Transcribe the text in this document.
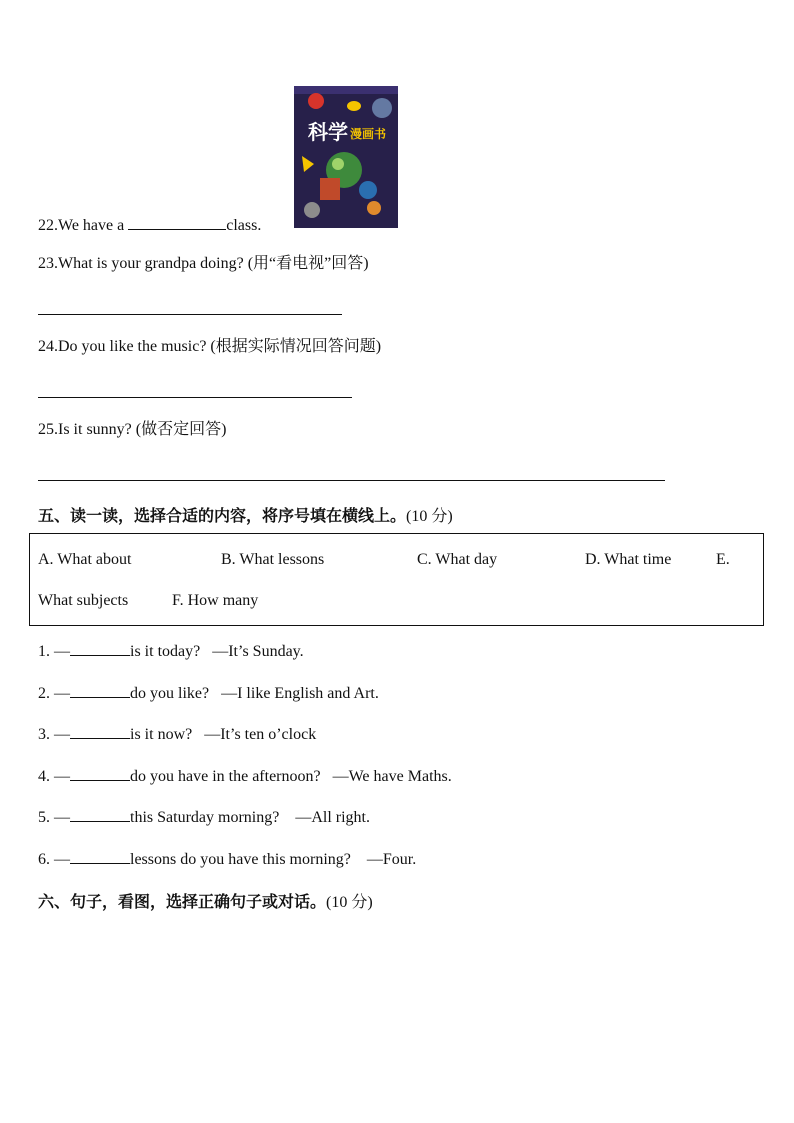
科学 漫画书
22.We have a	class.
23.What is your grandpa doing? (用“看电视”回答)
24.Do you like the music? (根据实际情况回答问题)
25.Is it sunny? (做否定回答)
五、读一读，选择合适的内容，将序号填在横线上。(10 分)
A. What about	B. What lessons	C. What day	D. What time	E.
What subjects	F. How many
1. —	is it today? —It’s Sunday.
2. —	do you like? —I like English and Art.
3. —	is it now? —It’s ten o’clock
4. —	do you have in the afternoon? —We have Maths.
5. —	this Saturday morning? —All right.
6. —	lessons do you have this morning? —Four.
六、句子，看图，选择正确句子或对话。(10 分)
